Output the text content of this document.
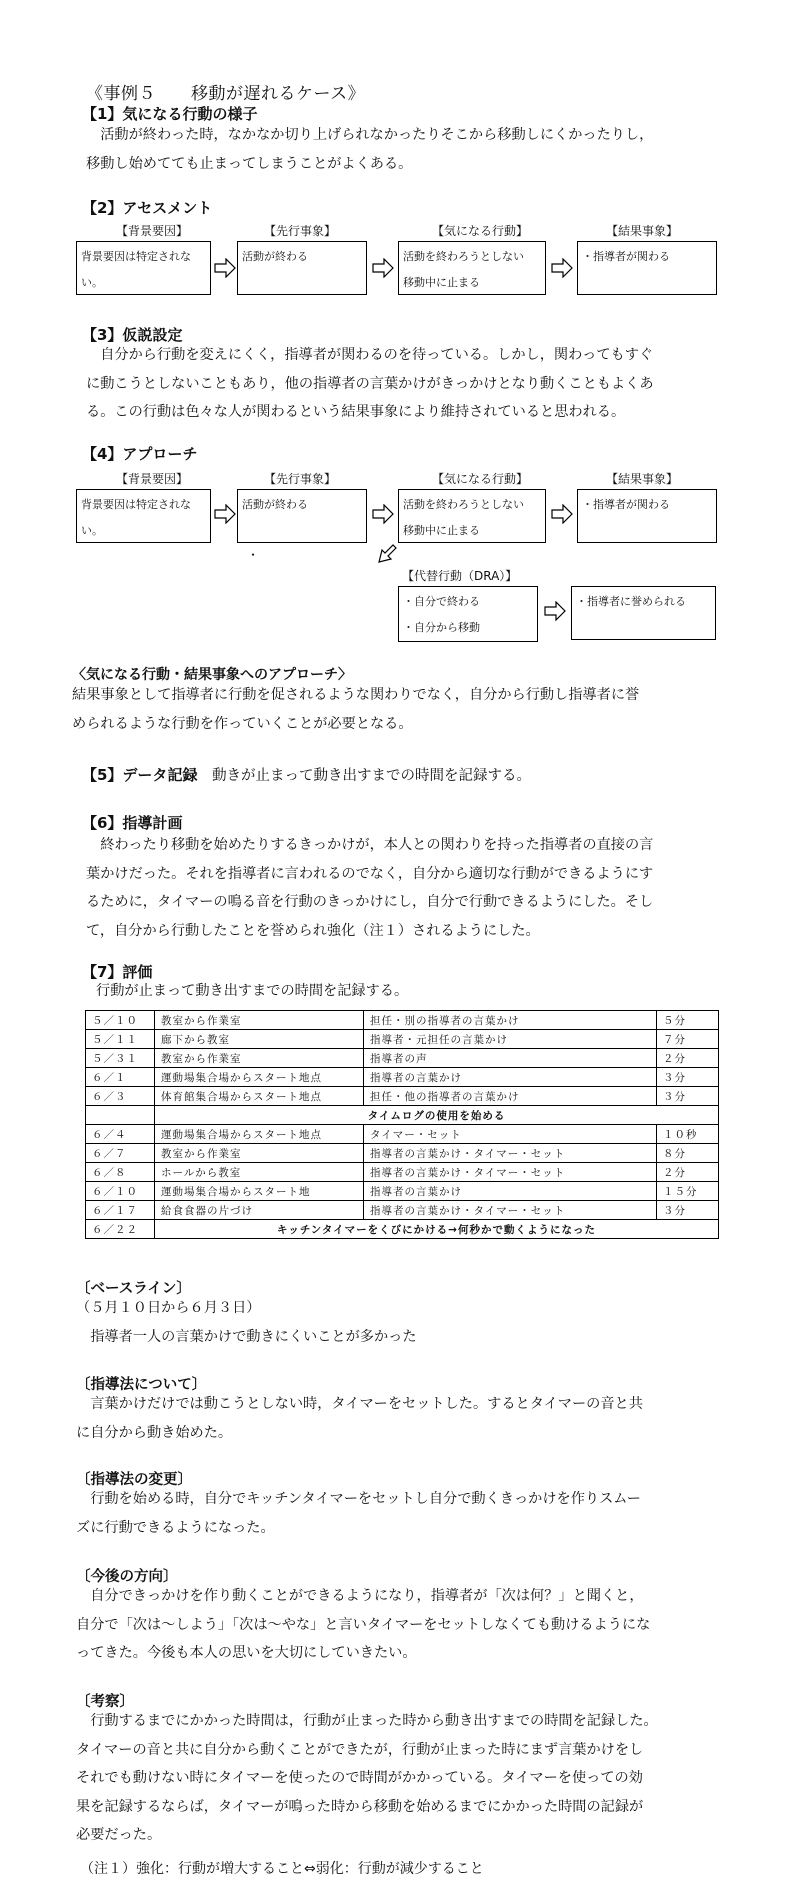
《事例５　　移動が遅れるケース》
【1】気になる行動の様子

　活動が終わった時，なかなか切り上げられなかったりそこから移動しにくかったりし，

移動し始めてても止まってしまうことがよくある。

【2】アセスメント
【背景要因】	【先行事象】	【気になる行動】	【結果事象】
背景要因は特定されな
い。
活動が終わる	活動を終わろうとしない
移動中に止まる
・指導者が関わる
【3】仮説設定

　自分から行動を変えにくく，指導者が関わるのを待っている。しかし，関わってもすぐ

に動こうとしないこともあり，他の指導者の言葉かけがきっかけとなり動くこともよくあ

る。この行動は色々な人が関わるという結果事象により維持されていると思われる。

【4】アプローチ
【背景要因】	【先行事象】	【気になる行動】	【結果事象】
背景要因は特定されな
い。
活動が終わる
・
活動を終わろうとしない
移動中に止まる
・指導者が関わる
【代替行動（DRA）】
・自分で終わる
・自分から移動
・指導者に誉められる
〈気になる行動・結果事象へのアプローチ〉

結果事象として指導者に行動を促されるような関わりでなく，自分から行動し指導者に誉

められるような行動を作っていくことが必要となる。

【5】データ記録 動きが止まって動き出すまでの時間を記録する。
【6】指導計画

　終わったり移動を始めたりするきっかけが，本人との関わりを持った指導者の直接の言

葉かけだった。それを指導者に言われるのでなく，自分から適切な行動ができるようにす

るために，タイマーの鳴る音を行動のきっかけにし，自分で行動できるようにした。そし

て，自分から行動したことを誉められ強化（注１）されるようにした。

【7】評価
行動が止まって動き出すまでの時間を記録する。
５／１０	教室から作業室	担任・別の指導者の言葉かけ	５分
５／１１	廊下から教室	指導者・元担任の言葉かけ	７分
５／３１	教室から作業室	指導者の声	２分
６／１	運動場集合場からスタート地点	指導者の言葉かけ	３分
６／３	体育館集合場からスタート地点	担任・他の指導者の言葉かけ	３分
	タイムログの使用を始める		
６／４	運動場集合場からスタート地点	タイマー・セット	１０秒
６／７	教室から作業室	指導者の言葉かけ・タイマー・セット	８分
６／８	ホールから教室	指導者の言葉かけ・タイマー・セット	２分
６／１０	運動場集合場からスタート地	指導者の言葉かけ	１５分
６／１７	給食食器の片づけ	指導者の言葉かけ・タイマー・セット	３分
６／２２	キッチンタイマーをくびにかける→何秒かで動くようになった		
〔ベースライン〕

（５月１０日から６月３日）

　指導者一人の言葉かけで動きにくいことが多かった

〔指導法について〕

　言葉かけだけでは動こうとしない時，タイマーをセットした。するとタイマーの音と共

に自分から動き始めた。

〔指導法の変更〕

　行動を始める時，自分でキッチンタイマーをセットし自分で動くきっかけを作りスムー

ズに行動できるようになった。

〔今後の方向〕

　自分できっかけを作り動くことができるようになり，指導者が「次は何？」と聞くと，

自分で「次は～しよう」「次は～やな」と言いタイマーをセットしなくても動けるようにな

ってきた。今後も本人の思いを大切にしていきたい。

〔考察〕

　行動するまでにかかった時間は，行動が止まった時から動き出すまでの時間を記録した。

タイマーの音と共に自分から動くことができたが，行動が止まった時にまず言葉かけをし

それでも動けない時にタイマーを使ったので時間がかかっている。タイマーを使っての効

果を記録するならば，タイマーが鳴った時から移動を始めるまでにかかった時間の記録が

必要だった。

（注１）強化：行動が増大すること⇔弱化：行動が減少すること
